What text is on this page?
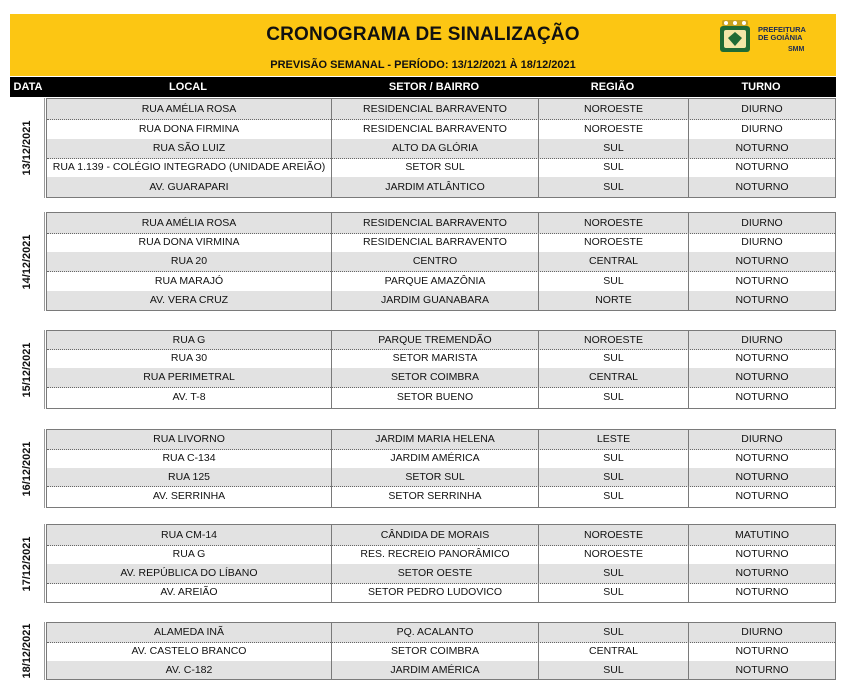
CRONOGRAMA DE SINALIZAÇÃO
PREVISÃO SEMANAL - PERÍODO: 13/12/2021 À 18/12/2021
PREFEITURA
DE GOIÂNIA
SMM
DATA	LOCAL	SETOR / BAIRRO	REGIÃO	TURNO
13/12/2021
RUA AMÉLIA ROSA	RESIDENCIAL BARRAVENTO	NOROESTE	DIURNO
RUA DONA FIRMINA	RESIDENCIAL BARRAVENTO	NOROESTE	DIURNO
RUA SÃO LUIZ	ALTO DA GLÓRIA	SUL	NOTURNO
RUA 1.139 - COLÉGIO INTEGRADO (UNIDADE AREIÃO)	SETOR SUL	SUL	NOTURNO
AV. GUARAPARI	JARDIM ATLÂNTICO	SUL	NOTURNO
14/12/2021
RUA AMÉLIA ROSA	RESIDENCIAL BARRAVENTO	NOROESTE	DIURNO
RUA DONA VIRMINA	RESIDENCIAL BARRAVENTO	NOROESTE	DIURNO
RUA 20	CENTRO	CENTRAL	NOTURNO
RUA MARAJÓ	PARQUE AMAZÔNIA	SUL	NOTURNO
AV. VERA CRUZ	JARDIM GUANABARA	NORTE	NOTURNO
15/12/2021
RUA G	PARQUE TREMENDÃO	NOROESTE	DIURNO
RUA 30	SETOR MARISTA	SUL	NOTURNO
RUA PERIMETRAL	SETOR COIMBRA	CENTRAL	NOTURNO
AV. T-8	SETOR BUENO	SUL	NOTURNO
16/12/2021
RUA LIVORNO	JARDIM MARIA HELENA	LESTE	DIURNO
RUA C-134	JARDIM AMÉRICA	SUL	NOTURNO
RUA 125	SETOR SUL	SUL	NOTURNO
AV. SERRINHA	SETOR SERRINHA	SUL	NOTURNO
17/12/2021
RUA CM-14	CÂNDIDA DE MORAIS	NOROESTE	MATUTINO
RUA G	RES. RECREIO PANORÂMICO	NOROESTE	NOTURNO
AV. REPÚBLICA DO LÍBANO	SETOR OESTE	SUL	NOTURNO
AV. AREIÃO	SETOR PEDRO LUDOVICO	SUL	NOTURNO
18/12/2021	ALAMEDA INÃ	PQ. ACALANTO	SUL	DIURNO
AV. CASTELO BRANCO	SETOR COIMBRA	CENTRAL	NOTURNO
AV. C-182	JARDIM AMÉRICA	SUL	NOTURNO
